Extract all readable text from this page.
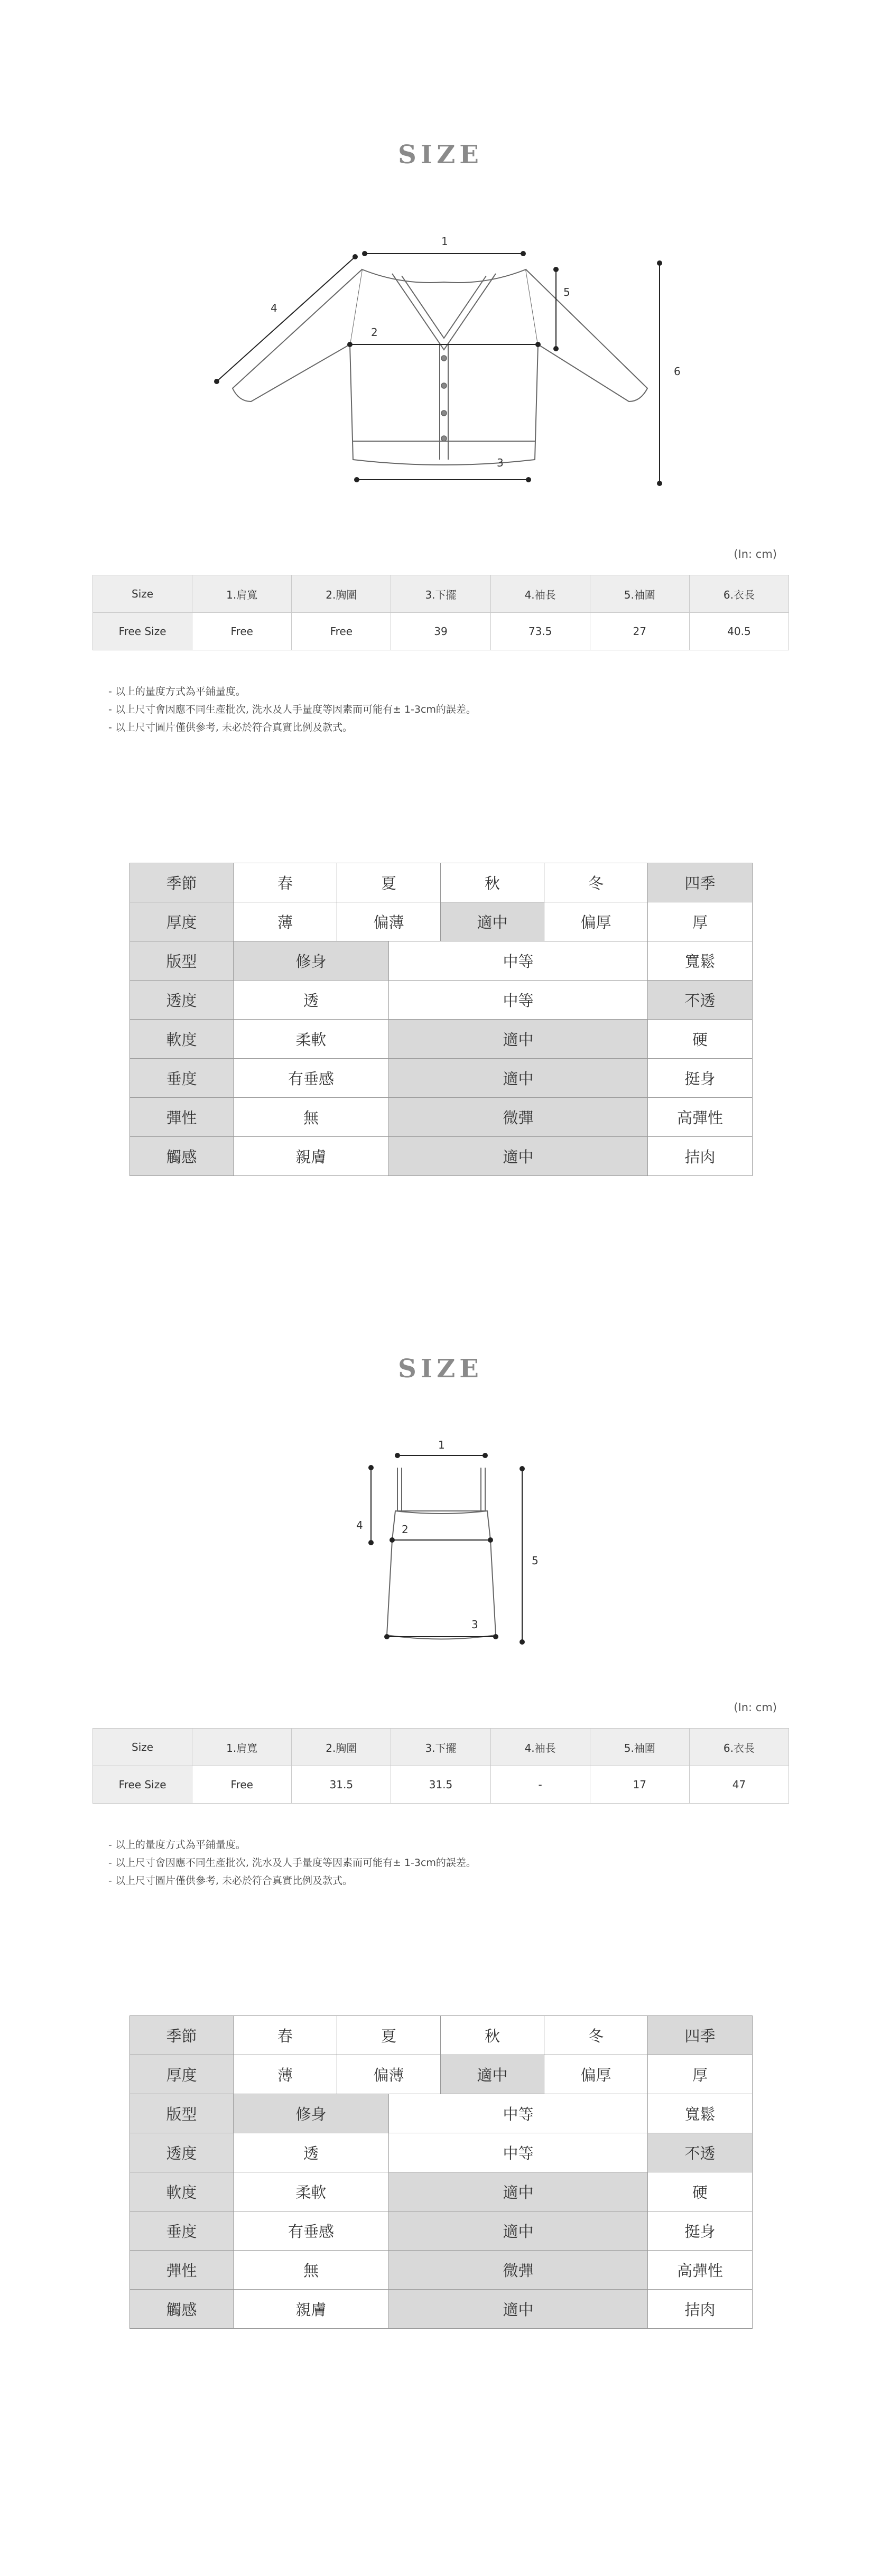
SIZE
1
2
3
4
5
6
(In: cm)
Size	1.肩寬	2.胸圍	3.下擺	4.袖長	5.袖圍	6.衣長
Free Size	Free	Free	39	73.5	27	40.5
- 以上的量度方式為平鋪量度。
- 以上尺寸會因應不同生產批次, 洗水及人手量度等因素而可能有± 1-3cm的誤差。
- 以上尺寸圖片僅供參考, 未必於符合真實比例及款式。
季節	春	夏		秋	冬	四季
厚度	薄	偏薄		適中	偏厚	厚
版型	修身		中等			寬鬆
透度	透		中等			不透
軟度	柔軟		適中			硬
垂度	有垂感		適中			挺身
彈性	無		微彈			高彈性
觸感	親膚		適中			拮肉
SIZE
1
2
3
4
5
(In: cm)
Size	1.肩寬	2.胸圍	3.下擺	4.袖長	5.袖圍	6.衣長
Free Size	Free	31.5	31.5	-	17	47
- 以上的量度方式為平鋪量度。
- 以上尺寸會因應不同生產批次, 洗水及人手量度等因素而可能有± 1-3cm的誤差。
- 以上尺寸圖片僅供參考, 未必於符合真實比例及款式。
季節	春	夏		秋	冬	四季
厚度	薄	偏薄		適中	偏厚	厚
版型	修身		中等			寬鬆
透度	透		中等			不透
軟度	柔軟		適中			硬
垂度	有垂感		適中			挺身
彈性	無		微彈			高彈性
觸感	親膚		適中			拮肉
